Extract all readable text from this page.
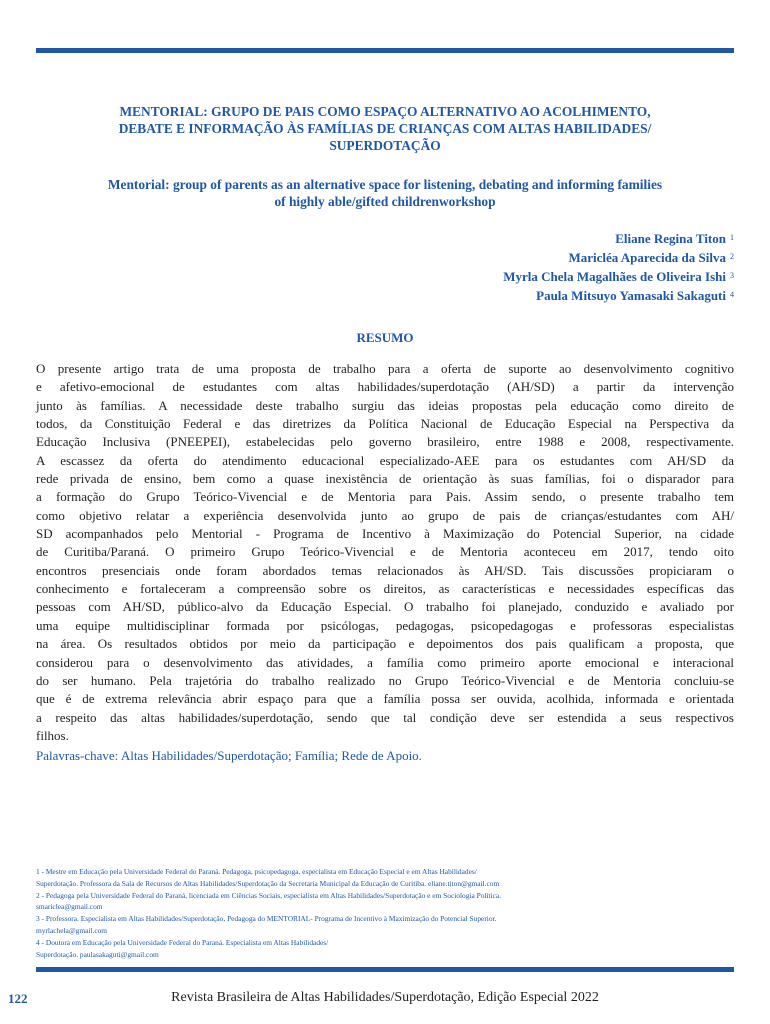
MENTORIAL: GRUPO DE PAIS COMO ESPAÇO ALTERNATIVO AO ACOLHIMENTO,
DEBATE E INFORMAÇÃO ÀS FAMÍLIAS DE CRIANÇAS COM ALTAS HABILIDADES/
SUPERDOTAÇÃO
Mentorial: group of parents as an alternative space for listening, debating and informing families
of highly able/gifted childrenworkshop
Eliane Regina Titon $^1$
Maricléa Aparecida da Silva $^2$
Myrla Chela Magalhães de Oliveira Ishi $^3$
Paula Mitsuyo Yamasaki Sakaguti $^4$
RESUMO

O presente artigo trata de uma proposta de trabalho para a oferta de suporte ao desenvolvimento cognitivo
e afetivo-emocional de estudantes com altas habilidades/superdotação (AH/SD) a partir da intervenção
junto às famílias. A necessidade deste trabalho surgiu das ideias propostas pela educação como direito de
todos, da Constituição Federal e das diretrizes da Política Nacional de Educação Especial na Perspectiva da
Educação Inclusiva (PNEEPEI), estabelecidas pelo governo brasileiro, entre 1988 e 2008, respectivamente.
A escassez da oferta do atendimento educacional especializado-AEE para os estudantes com AH/SD da
rede privada de ensino, bem como a quase inexistência de orientação às suas famílias, foi o disparador para
a formação do Grupo Teórico-Vivencial e de Mentoria para Pais. Assim sendo, o presente trabalho tem
como objetivo relatar a experiência desenvolvida junto ao grupo de pais de crianças/estudantes com AH/
SD acompanhados pelo Mentorial - Programa de Incentivo à Maximização do Potencial Superior, na cidade
de Curitiba/Paraná. O primeiro Grupo Teórico-Vivencial e de Mentoria aconteceu em 2017, tendo oito
encontros presenciais onde foram abordados temas relacionados às AH/SD. Tais discussões propiciaram o
conhecimento e fortaleceram a compreensão sobre os direitos, as características e necessidades específicas das
pessoas com AH/SD, público-alvo da Educação Especial. O trabalho foi planejado, conduzido e avaliado por
uma equipe multidisciplinar formada por psicólogas, pedagogas, psicopedagogas e professoras especialistas
na área. Os resultados obtidos por meio da participação e depoimentos dos pais qualificam a proposta, que
considerou para o desenvolvimento das atividades, a família como primeiro aporte emocional e interacional
do ser humano. Pela trajetória do trabalho realizado no Grupo Teórico-Vivencial e de Mentoria concluiu-se
que é de extrema relevância abrir espaço para que a família possa ser ouvida, acolhida, informada e orientada
a respeito das altas habilidades/superdotação, sendo que tal condição deve ser estendida a seus respectivos
filhos.

Palavras-chave: Altas Habilidades/Superdotação; Família; Rede de Apoio.

1 - Mestre em Educação pela Universidade Federal do Paraná. Pedagoga, psicopedagoga, especialista em Educação Especial e em Altas Habilidades/
Superdotação. Professora da Sala de Recursos de Altas Habilidades/Superdotação da Secretaria Municipal da Educação de Curitiba. eliane.titon@gmail.com
2 - Pedagoga pela Universidade Federal do Paraná, licenciada em Ciências Sociais, especialista em Altas Habilidades/Superdotação e em Sociologia Política.
smariclea@gmail.com
3 - Professora. Especialista em Altas Habilidades/Superdotação, Pedagoga do MENTORIAL- Programa de Incentivo à Maximização do Potencial Superior.
myrlachela@gmail.com
4 - Doutora em Educação pela Universidade Federal do Paraná. Especialista em Altas Habilidades/
Superdotação. paulasakaguti@gmail.com
122	Revista Brasileira de Altas Habilidades/Superdotação, Edição Especial 2022
